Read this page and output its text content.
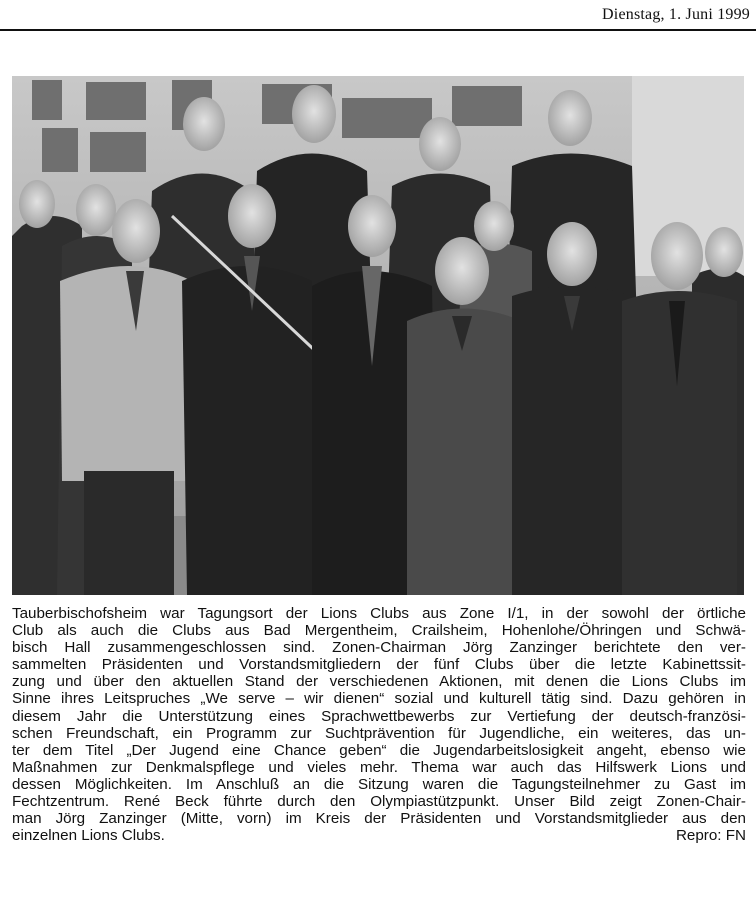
Dienstag, 1. Juni 1999
Tauberbischofsheim war Tagungsort der Lions Clubs aus Zone I/1, in der sowohl der örtliche
Club als auch die Clubs aus Bad Mergentheim, Crailsheim, Hohenlohe/Öhringen und Schwä-
bisch Hall zusammengeschlossen sind. Zonen-Chairman Jörg Zanzinger berichtete den ver-
sammelten Präsidenten und Vorstandsmitgliedern der fünf Clubs über die letzte Kabinettssit-
zung und über den aktuellen Stand der verschiedenen Aktionen, mit denen die Lions Clubs im
Sinne ihres Leitspruches „We serve – wir dienen“ sozial und kulturell tätig sind. Dazu gehören in
diesem Jahr die Unterstützung eines Sprachwettbewerbs zur Vertiefung der deutsch-französi-
schen Freundschaft, ein Programm zur Suchtprävention für Jugendliche, ein weiteres, das un-
ter dem Titel „Der Jugend eine Chance geben“ die Jugendarbeitslosigkeit angeht, ebenso wie
Maßnahmen zur Denkmalspflege und vieles mehr. Thema war auch das Hilfswerk Lions und
dessen Möglichkeiten. Im Anschluß an die Sitzung waren die Tagungsteilnehmer zu Gast im
Fechtzentrum. René Beck führte durch den Olympiastützpunkt. Unser Bild zeigt Zonen-Chair-
man Jörg Zanzinger (Mitte, vorn) im Kreis der Präsidenten und Vorstandsmitglieder aus den
einzelnen Lions Clubs.	Repro: FN
